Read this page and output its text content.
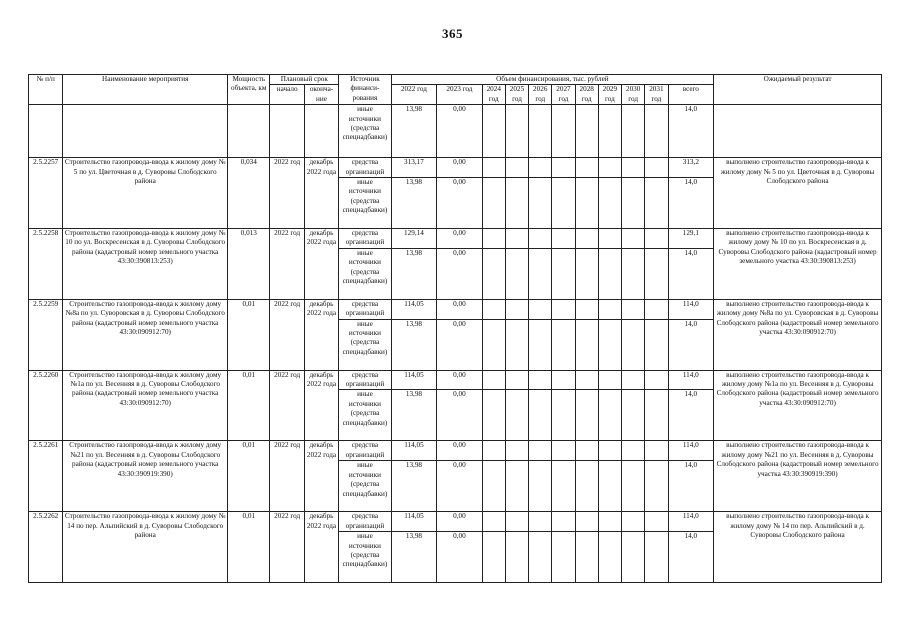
365
№ п/п	Наименование мероприятия	Мощность объекта, км	Плановый срок		Источник финанси-рования	Объем финансирования, тыс. рублей											Ожидаемый результат
			начало	оконча-ние		2022 год	2023 год	2024 год	2025 год	2026 год	2027 год	2028 год	2029 год	2030 год	2031 год	всего	
					иные источники (средства спецнадбавки)	13,98	0,00									14,0	
2.5.2257	Строительство газопровода-ввода к жилому дому № 5 по ул. Цветочная в д. Суворовы Слободского района	0,034	2022 год	декабрь 2022 года	средства организаций	313,17	0,00									313,2	выполнено строительство газопровода-ввода к жилому дому № 5 по ул. Цветочная в д. Суворовы Слободского района
					иные источники (средства спецнадбавки)	13,98	0,00									14,0	
2.5.2258	Строительство газопровода-ввода к жилому дому № 10 по ул. Воскресенская в д. Суворовы Слободского района (кадастровый номер земельного участка 43:30:390813:253)	0,013	2022 год	декабрь 2022 года	средства организаций	129,14	0,00									129,1	выполнено строительство газопровода-ввода к жилому дому № 10 по ул. Воскресенская в д. Суворовы Слободского района (кадастровый номер земельного участка 43:30:390813:253)
					иные источники (средства спецнадбавки)	13,98	0,00									14,0	
2.5.2259	Строительство газопровода-ввода к жилому дому №8а по ул. Суворовская в д. Суворовы Слободского района (кадастровый номер земельного участка 43:30:090912:70)	0,01	2022 год	декабрь 2022 года	средства организаций	114,05	0,00									114,0	выполнено строительство газопровода-ввода к жилому дому №8а по ул. Суворовская в д. Суворовы Слободского района (кадастровый номер земельного участка 43:30:090912:70)
					иные источники (средства спецнадбавки)	13,98	0,00									14,0	
2.5.2260	Строительство газопровода-ввода к жилому дому №1а по ул. Весенняя в д. Суворовы Слободского района (кадастровый номер земельного участка 43:30:090912:70)	0,01	2022 год	декабрь 2022 года	средства организаций	114,05	0,00									114,0	выполнено строительство газопровода-ввода к жилому дому №1а по ул. Весенняя в д. Суворовы Слободского района (кадастровый номер земельного участка 43:30:090912:70)
					иные источники (средства спецнадбавки)	13,98	0,00									14,0	
2.5.2261	Строительство газопровода-ввода к жилому дому №21 по ул. Весенняя в д. Суворовы Слободского района (кадастровый номер земельного участка 43:30:390919:390)	0,01	2022 год	декабрь 2022 года	средства организаций	114,05	0,00									114,0	выполнено строительство газопровода-ввода к жилому дому №21 по ул. Весенняя в д. Суворовы Слободского района (кадастровый номер земельного участка 43:30:390919:390)
					иные источники (средства спецнадбавки)	13,98	0,00									14,0	
2.5.2262	Строительство газопровода-ввода к жилому дому № 14 по пер. Альпийский в д. Суворовы Слободского района	0,01	2022 год	декабрь 2022 года	средства организаций	114,05	0,00									114,0	выполнено строительство газопровода-ввода к жилому дому № 14 по пер. Альпийский в д. Суворовы Слободского района
					иные источники (средства спецнадбавки)	13,98	0,00									14,0	
